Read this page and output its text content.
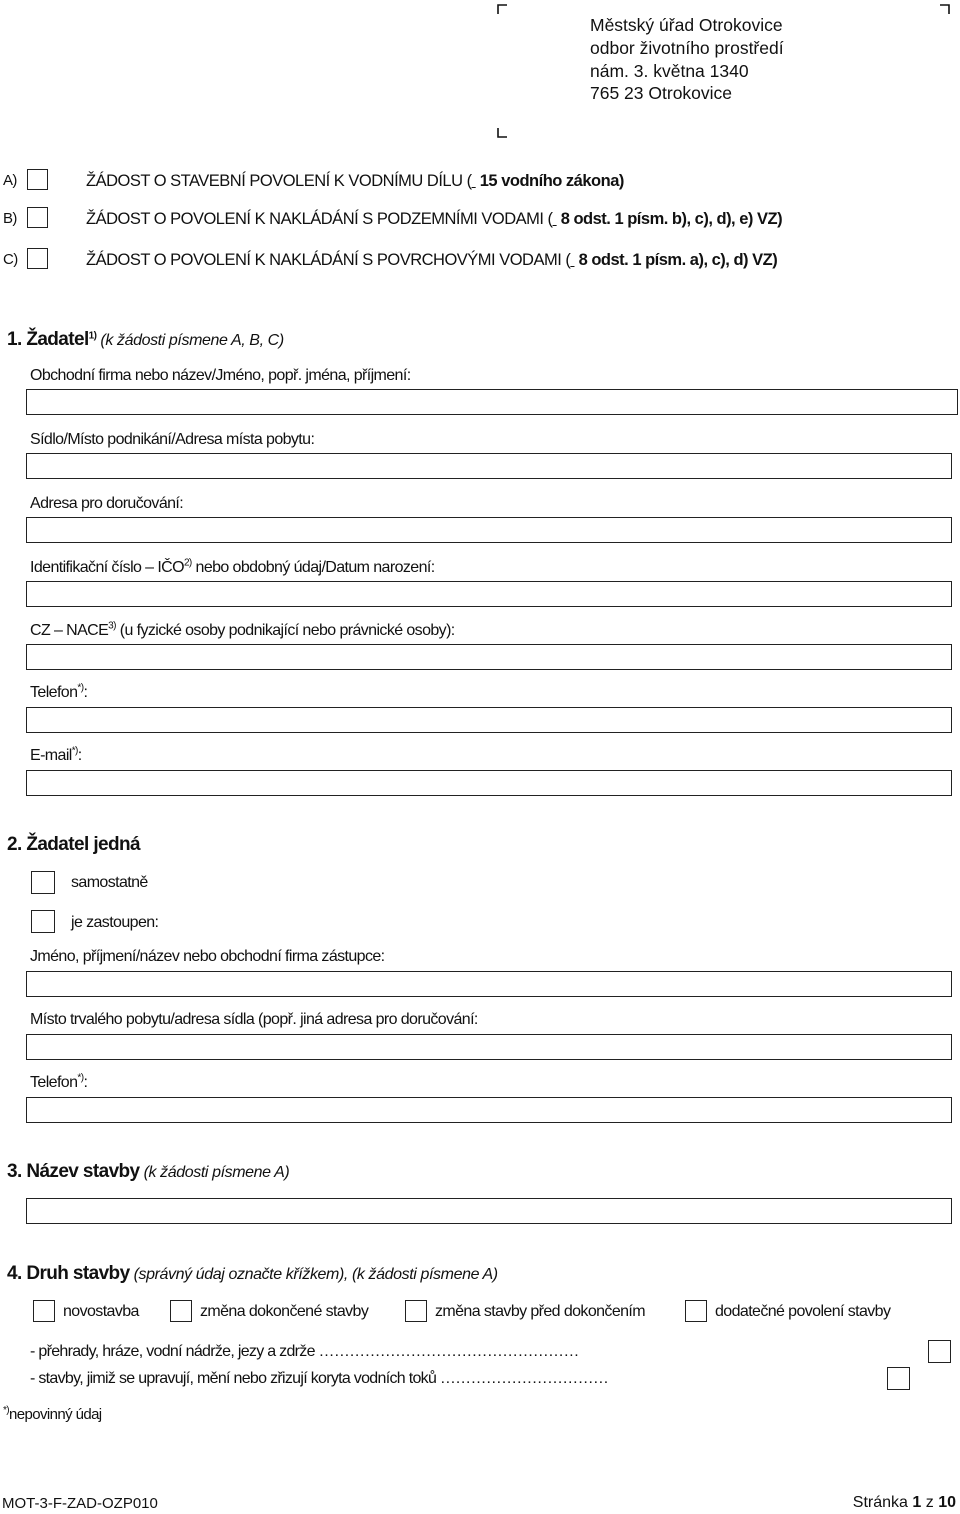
Městský úřad Otrokovice
odbor životního prostředí
nám. 3. května 1340
765 23 Otrokovice
A)	ŽÁDOST O STAVEBNÍ POVOLENÍ K VODNÍMU DÍLU (  15 vodního zákona)
B)	ŽÁDOST O POVOLENÍ K NAKLÁDÁNÍ S PODZEMNÍMI VODAMI (  8 odst. 1 písm. b), c), d), e) VZ)
C)	ŽÁDOST O POVOLENÍ K NAKLÁDÁNÍ S POVRCHOVÝMI VODAMI (  8 odst. 1 písm. a), c), d) VZ)
1. Žadatel$^{1)}$ (k žádosti písmene A, B, C)
Obchodní firma nebo název/Jméno, popř. jména, příjmení:
Sídlo/Místo podnikání/Adresa místa pobytu:
Adresa pro doručování:
Identifikační číslo – IČO$^{2)}$ nebo obdobný údaj/Datum narození:
CZ – NACE$^{3)}$ (u fyzické osoby podnikající nebo právnické osoby):
Telefon*):
E-mail*):
2. Žadatel jedná
samostatně
je zastoupen:
Jméno, příjmení/název nebo obchodní firma zástupce:
Místo trvalého pobytu/adresa sídla (popř. jiná adresa pro doručování:
Telefon*):
3. Název stavby (k žádosti písmene A)
4. Druh stavby (správný údaj označte křížkem), (k žádosti písmene A)
novostavba	změna dokončené stavby	změna stavby před dokončením	dodatečné povolení stavby
- přehrady, hráze, vodní nádrže, jezy a zdrže ……………………………………………
- stavby, jimiž se upravují, mění nebo zřizují koryta vodních toků ……………………………
*)nepovinný údaj
MOT-3-F-ZAD-OZP010	Stránka 1 z 10
